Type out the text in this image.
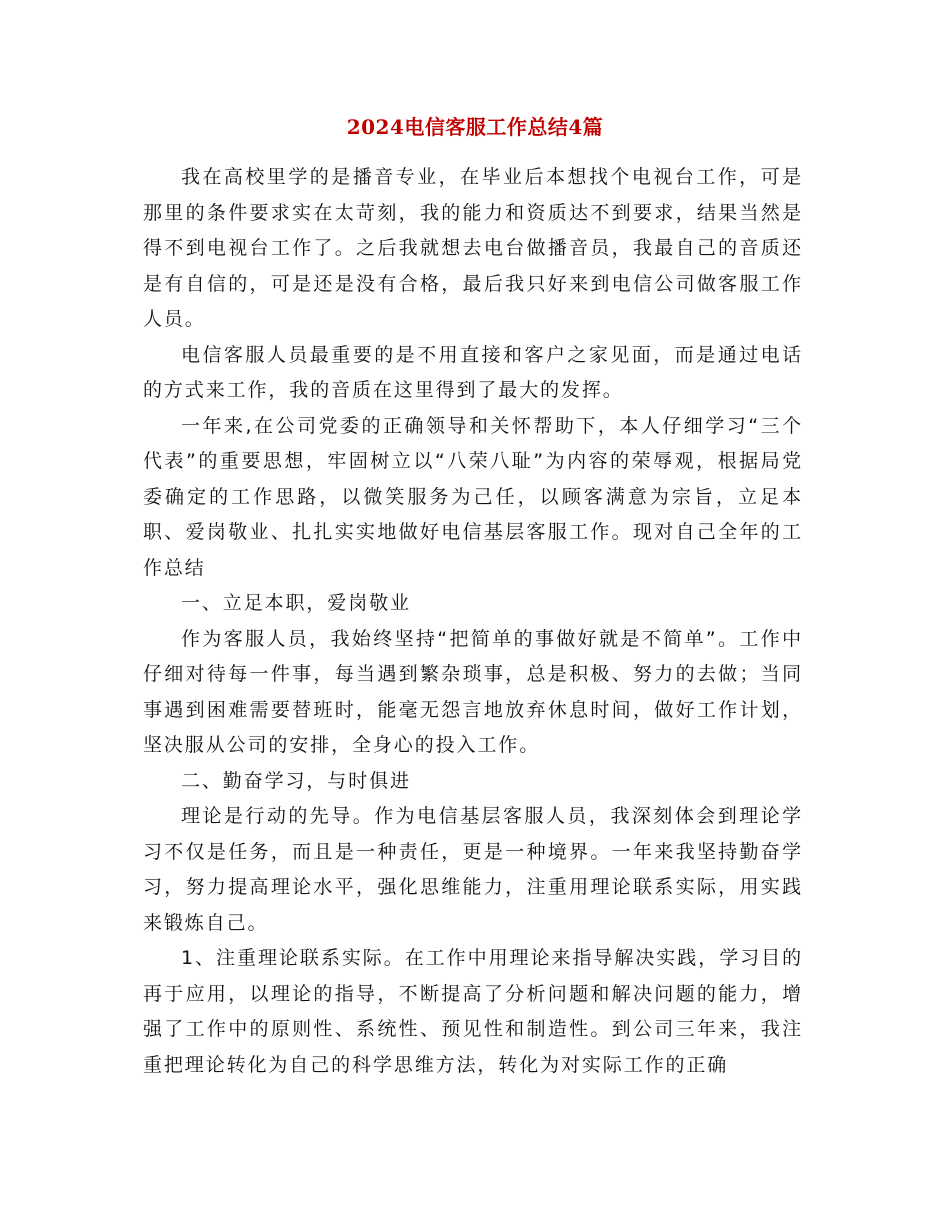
2024电信客服工作总结4篇

我在高校里学的是播音专业，在毕业后本想找个电视台工作，可是那里的条件要求实在太苛刻，我的能力和资质达不到要求，结果当然是得不到电视台工作了。之后我就想去电台做播音员，我最自己的音质还是有自信的，可是还是没有合格，最后我只好来到电信公司做客服工作人员。

电信客服人员最重要的是不用直接和客户之家见面，而是通过电话的方式来工作，我的音质在这里得到了最大的发挥。

一年来,在公司党委的正确领导和关怀帮助下，本人仔细学习“三个代表”的重要思想，牢固树立以“八荣八耻”为内容的荣辱观，根据局党委确定的工作思路，以微笑服务为己任，以顾客满意为宗旨，立足本职、爱岗敬业、扎扎实实地做好电信基层客服工作。现对自己全年的工作总结

一、立足本职，爱岗敬业

作为客服人员，我始终坚持“把简单的事做好就是不简单”。工作中仔细对待每一件事，每当遇到繁杂琐事，总是积极、努力的去做；当同事遇到困难需要替班时，能毫无怨言地放弃休息时间，做好工作计划，坚决服从公司的安排，全身心的投入工作。

二、勤奋学习，与时俱进

理论是行动的先导。作为电信基层客服人员，我深刻体会到理论学习不仅是任务，而且是一种责任，更是一种境界。一年来我坚持勤奋学习，努力提高理论水平，强化思维能力，注重用理论联系实际，用实践来锻炼自己。

1、注重理论联系实际。在工作中用理论来指导解决实践，学习目的再于应用，以理论的指导，不断提高了分析问题和解决问题的能力，增强了工作中的原则性、系统性、预见性和制造性。到公司三年来，我注重把理论转化为自己的科学思维方法，转化为对实际工作的正确
